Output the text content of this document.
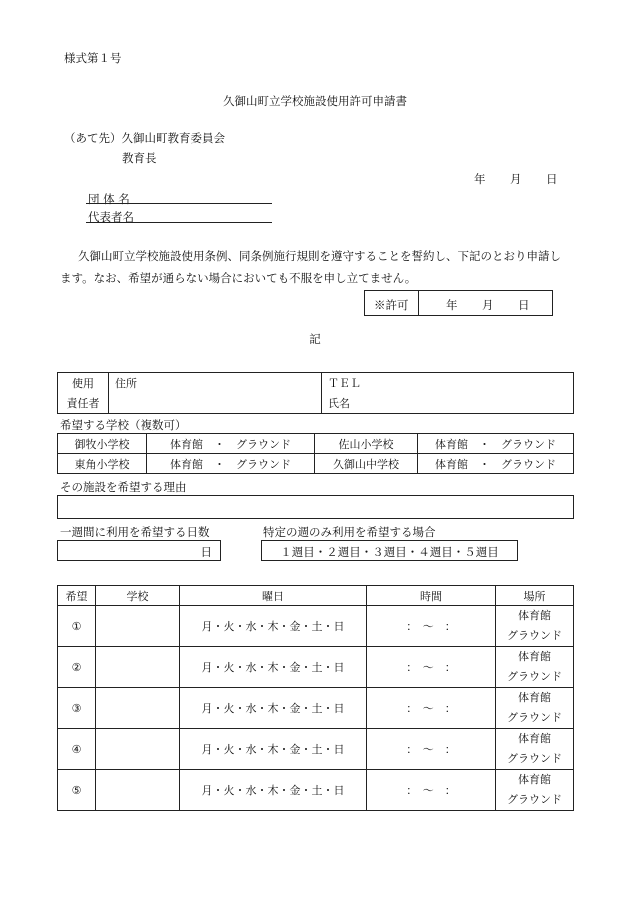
様式第１号
久御山町立学校施設使用許可申請書
（あて先）久御山町教育委員会
教育長
年 月 日
団 体 名
代表者名
久御山町立学校施設使用条例、同条例施行規則を遵守することを誓約し、下記のとおり申請し
ます。なお、希望が通らない場合においても不服を申し立てません。
※許可	年 月 日
記
使用	住所	ＴＥＬ
責任者		氏名
希望する学校（複数可）
御牧小学校	体育館　・　グラウンド	佐山小学校	体育館　・　グラウンド
東角小学校	体育館　・　グラウンド	久御山中学校	体育館　・　グラウンド
その施設を希望する理由
一週間に利用を希望する日数
日
特定の週のみ利用を希望する場合
１週目・２週目・３週目・４週目・５週目
希望	学校	曜日	時間	場所
①		月・火・水・木・金・土・日	：　〜　：	体育館
グラウンド

②		月・火・水・木・金・土・日	：　〜　：	体育館
グラウンド

③		月・火・水・木・金・土・日	：　〜　：	体育館
グラウンド

④		月・火・水・木・金・土・日	：　〜　：	体育館
グラウンド

⑤		月・火・水・木・金・土・日	：　〜　：	体育館
グラウンド
